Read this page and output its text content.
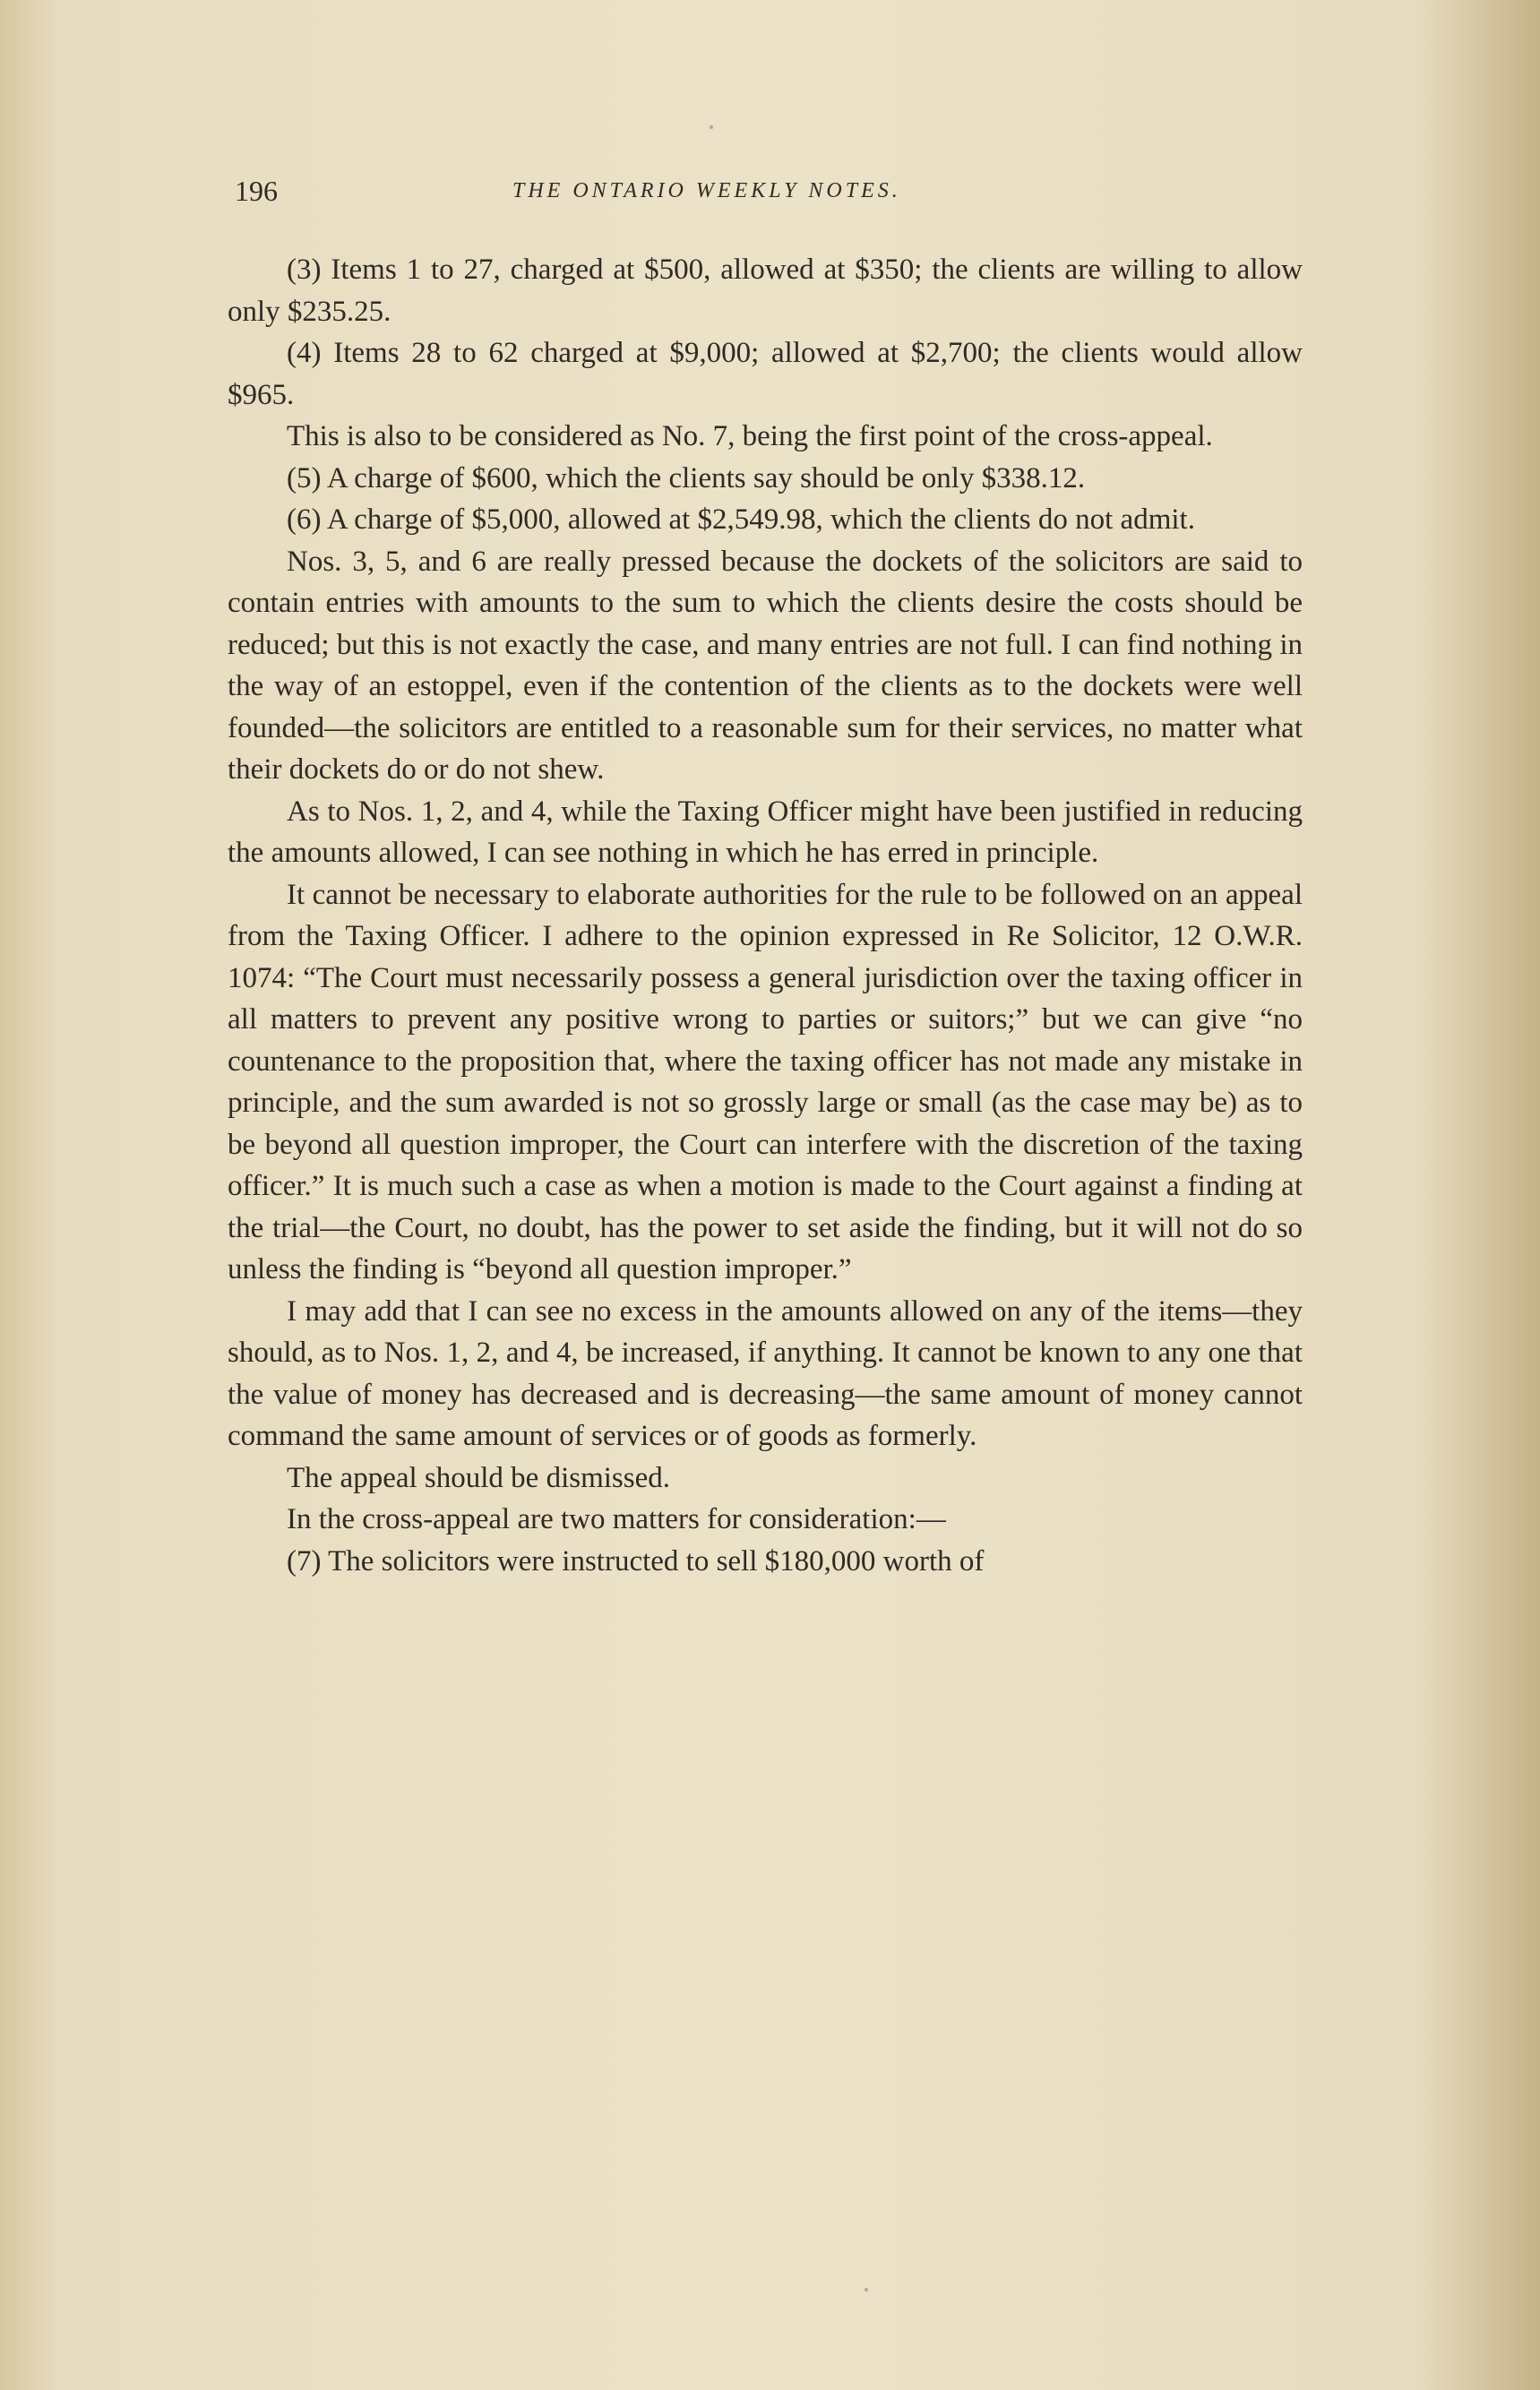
196	THE ONTARIO WEEKLY NOTES.

(3) Items 1 to 27, charged at $500, allowed at $350; the clients are willing to allow only $235.25.

(4) Items 28 to 62 charged at $9,000; allowed at $2,700; the clients would allow $965.

This is also to be considered as No. 7, being the first point of the cross-appeal.

(5) A charge of $600, which the clients say should be only $338.12.

(6) A charge of $5,000, allowed at $2,549.98, which the clients do not admit.

Nos. 3, 5, and 6 are really pressed because the dockets of the solicitors are said to contain entries with amounts to the sum to which the clients desire the costs should be reduced; but this is not exactly the case, and many entries are not full. I can find nothing in the way of an estoppel, even if the contention of the clients as to the dockets were well founded—the solicitors are entitled to a reasonable sum for their services, no matter what their dockets do or do not shew.

As to Nos. 1, 2, and 4, while the Taxing Officer might have been justified in reducing the amounts allowed, I can see nothing in which he has erred in principle.

It cannot be necessary to elaborate authorities for the rule to be followed on an appeal from the Taxing Officer. I adhere to the opinion expressed in Re Solicitor, 12 O.W.R. 1074: “The Court must necessarily possess a general jurisdiction over the taxing officer in all matters to prevent any positive wrong to parties or suitors;” but we can give “no countenance to the proposition that, where the taxing officer has not made any mistake in principle, and the sum awarded is not so grossly large or small (as the case may be) as to be beyond all question improper, the Court can interfere with the discretion of the taxing officer.” It is much such a case as when a motion is made to the Court against a finding at the trial—the Court, no doubt, has the power to set aside the finding, but it will not do so unless the finding is “beyond all question improper.”

I may add that I can see no excess in the amounts allowed on any of the items—they should, as to Nos. 1, 2, and 4, be increased, if anything. It cannot be known to any one that the value of money has decreased and is decreasing—the same amount of money cannot command the same amount of services or of goods as formerly.

The appeal should be dismissed.

In the cross-appeal are two matters for consideration:—

(7) The solicitors were instructed to sell $180,000 worth of
